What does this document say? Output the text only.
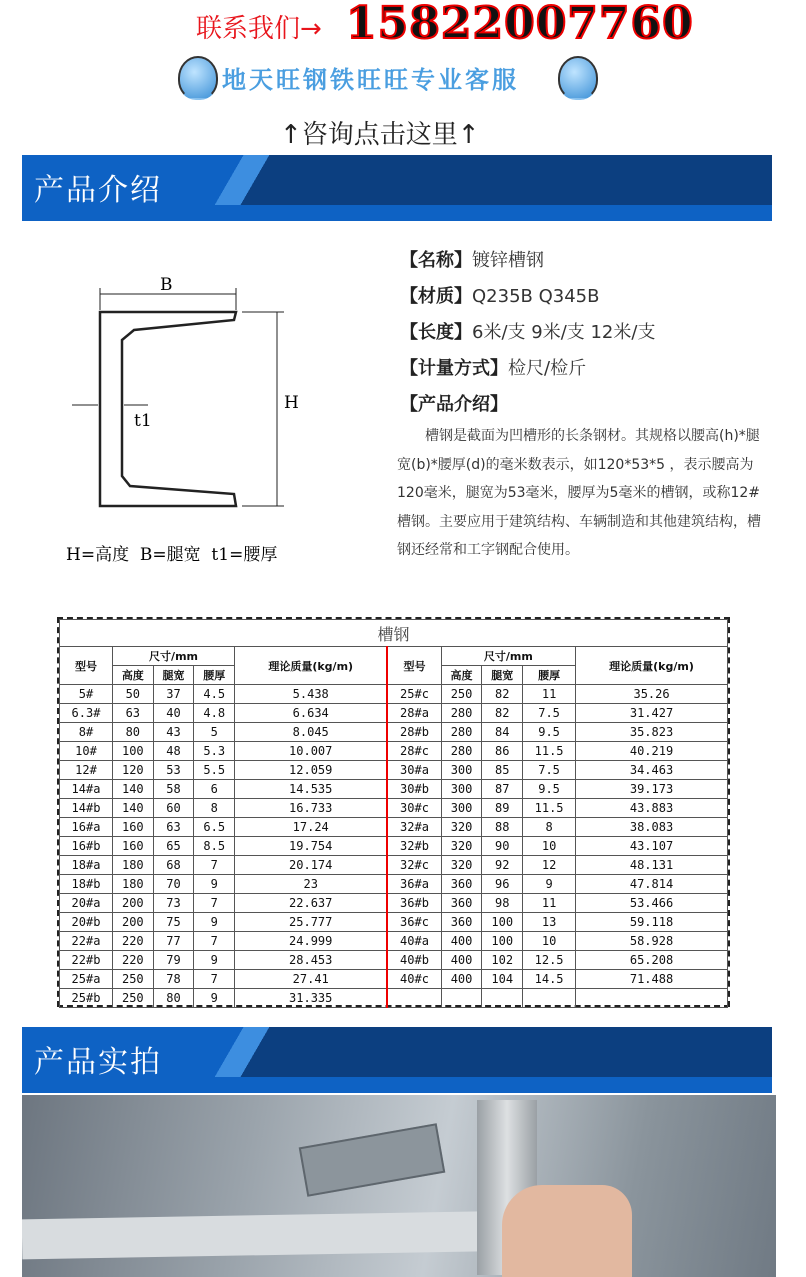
联系我们→ 15822007760
地天旺钢铁旺旺专业客服
↑咨询点击这里↑
产品介绍
B
H
t1
H=高度  B=腿宽  t1=腰厚
【名称】镀锌槽钢
【材质】Q235B Q345B
【长度】6米/支 9米/支 12米/支
【计量方式】检尺/检斤
【产品介绍】
槽钢是截面为凹槽形的长条钢材。其规格以腰高(h)*腿宽(b)*腰厚(d)的毫米数表示，如120*53*5 ，表示腰高为120毫米，腿宽为53毫米，腰厚为5毫米的槽钢，或称12#槽钢。主要应用于建筑结构、车辆制造和其他建筑结构，槽钢还经常和工字钢配合使用。
槽钢									
型号	尺寸/mm			理论质量(kg/m)	型号	尺寸/mm			理论质量(kg/m)
	高度	腿宽	腰厚			高度	腿宽	腰厚	
5#	50	37	4.5	5.438	25#c	250	82	11	35.26
6.3#	63	40	4.8	6.634	28#a	280	82	7.5	31.427
8#	80	43	5	8.045	28#b	280	84	9.5	35.823
10#	100	48	5.3	10.007	28#c	280	86	11.5	40.219
12#	120	53	5.5	12.059	30#a	300	85	7.5	34.463
14#a	140	58	6	14.535	30#b	300	87	9.5	39.173
14#b	140	60	8	16.733	30#c	300	89	11.5	43.883
16#a	160	63	6.5	17.24	32#a	320	88	8	38.083
16#b	160	65	8.5	19.754	32#b	320	90	10	43.107
18#a	180	68	7	20.174	32#c	320	92	12	48.131
18#b	180	70	9	23	36#a	360	96	9	47.814
20#a	200	73	7	22.637	36#b	360	98	11	53.466
20#b	200	75	9	25.777	36#c	360	100	13	59.118
22#a	220	77	7	24.999	40#a	400	100	10	58.928
22#b	220	79	9	28.453	40#b	400	102	12.5	65.208
25#a	250	78	7	27.41	40#c	400	104	14.5	71.488
25#b	250	80	9	31.335					
产品实拍
